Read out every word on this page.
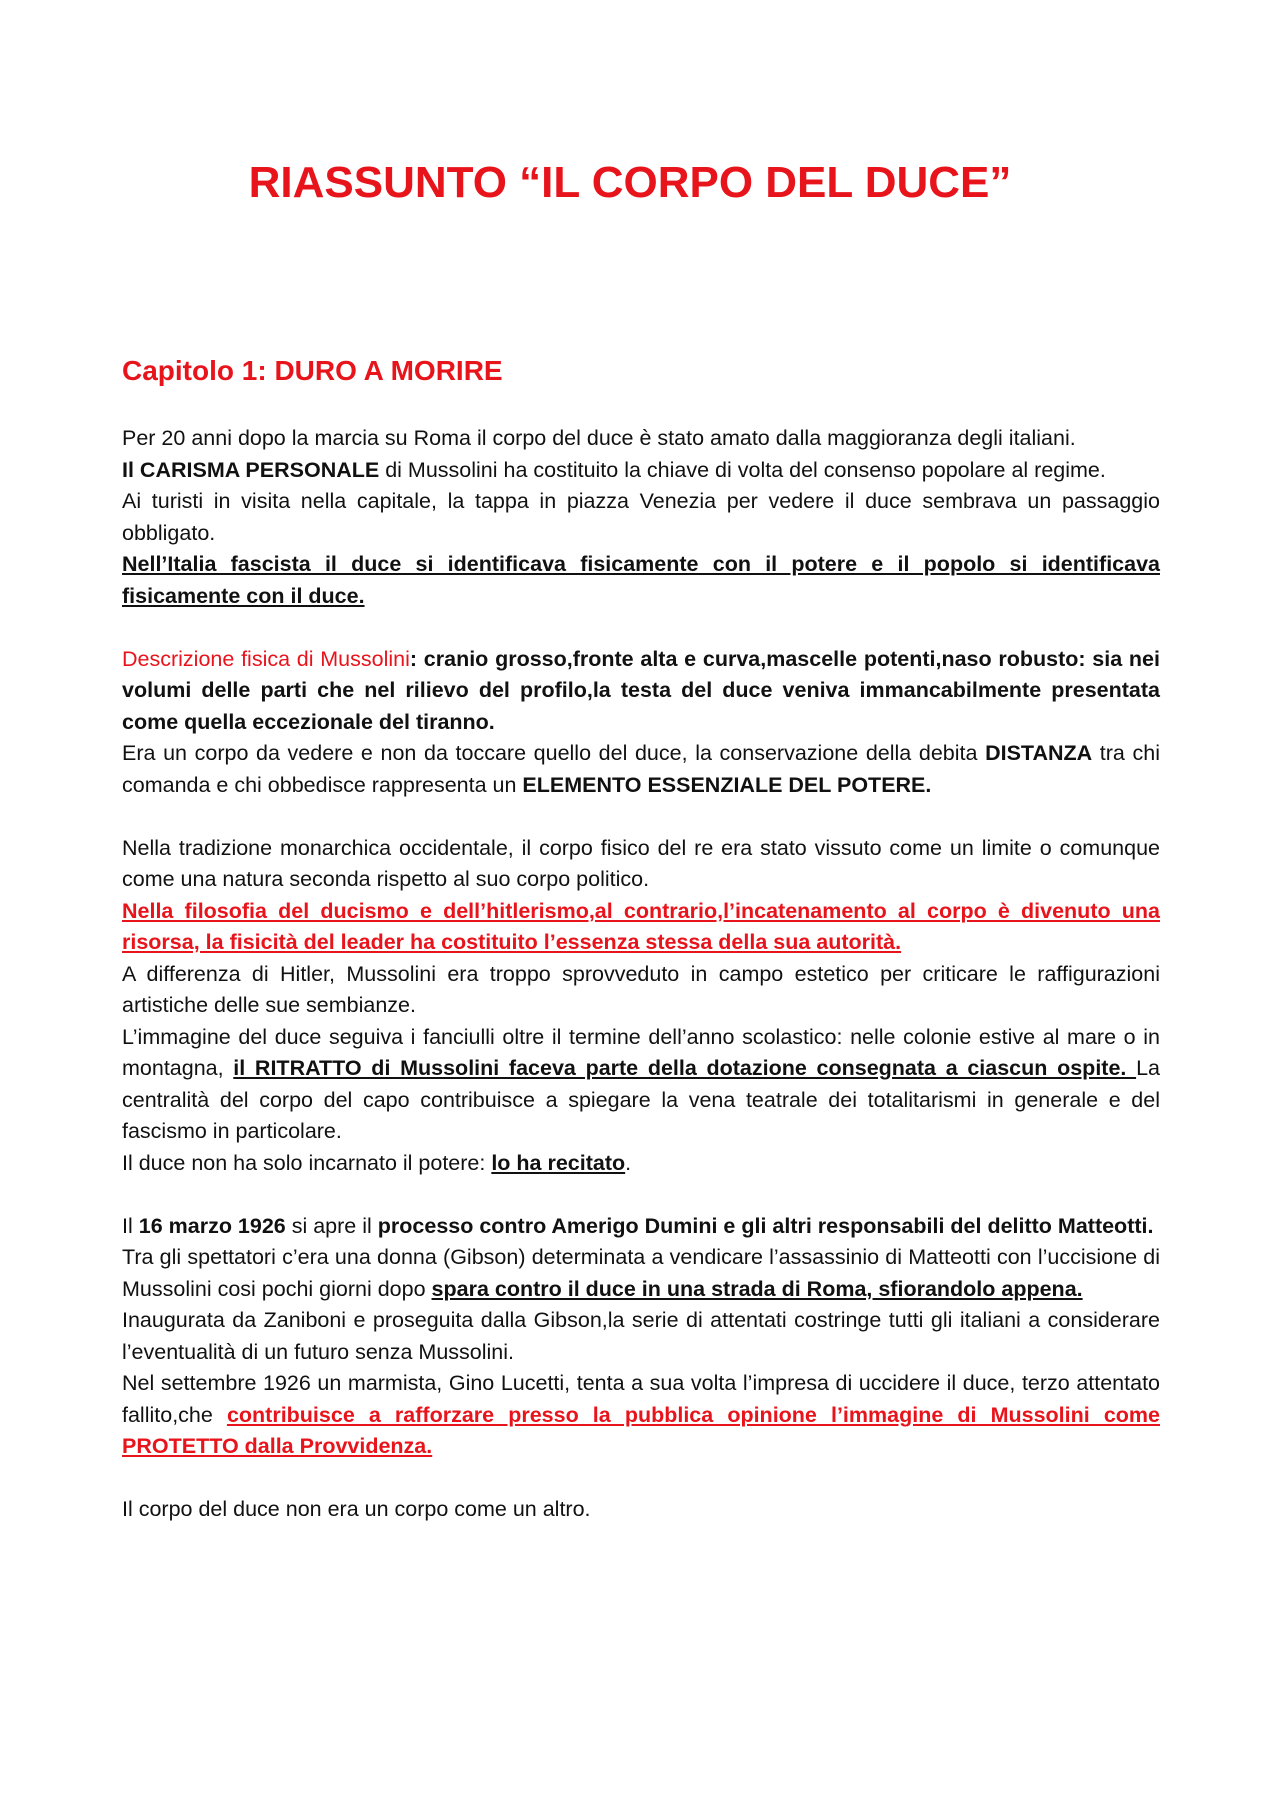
RIASSUNTO “IL CORPO DEL DUCE”
Capitolo 1: DURO A MORIRE

Per 20 anni dopo la marcia su Roma il corpo del duce è stato amato dalla maggioranza degli italiani.

Il CARISMA PERSONALE di Mussolini ha costituito la chiave di volta del consenso popolare al regime.

Ai turisti in visita nella capitale, la tappa in piazza Venezia per vedere il duce sembrava un passaggio obbligato.

Nell’Italia fascista il duce si identificava fisicamente con il potere e il popolo si identificava fisicamente con il duce.

Descrizione fisica di Mussolini: cranio grosso,fronte alta e curva,mascelle potenti,naso robusto: sia nei volumi delle parti che nel rilievo del profilo,la testa del duce veniva immancabilmente presentata come quella eccezionale del tiranno.

Era un corpo da vedere e non da toccare quello del duce, la conservazione della debita DISTANZA tra chi comanda e chi obbedisce rappresenta un ELEMENTO ESSENZIALE DEL POTERE.

Nella tradizione monarchica occidentale, il corpo fisico del re era stato vissuto come un limite o comunque come una natura seconda rispetto al suo corpo politico.

Nella filosofia del ducismo e dell’hitlerismo,al contrario,l’incatenamento al corpo è divenuto una risorsa, la fisicità del leader ha costituito l’essenza stessa della sua autorità.

A differenza di Hitler, Mussolini era troppo sprovveduto in campo estetico per criticare le raffigurazioni artistiche delle sue sembianze.

L’immagine del duce seguiva i fanciulli oltre il termine dell’anno scolastico: nelle colonie estive al mare o in montagna, il RITRATTO di Mussolini faceva parte della dotazione consegnata a ciascun ospite. La centralità del corpo del capo contribuisce a spiegare la vena teatrale dei totalitarismi in generale e del fascismo in particolare.

Il duce non ha solo incarnato il potere: lo ha recitato.

Il 16 marzo 1926 si apre il processo contro Amerigo Dumini e gli altri responsabili del delitto Matteotti.

Tra gli spettatori c’era una donna (Gibson) determinata a vendicare l’assassinio di Matteotti con l’uccisione di Mussolini cosi pochi giorni dopo spara contro il duce in una strada di Roma, sfiorandolo appena.

Inaugurata da Zaniboni e proseguita dalla Gibson,la serie di attentati costringe tutti gli italiani a considerare l’eventualità di un futuro senza Mussolini.

Nel settembre 1926 un marmista, Gino Lucetti, tenta a sua volta l’impresa di uccidere il duce, terzo attentato fallito,che contribuisce a rafforzare presso la pubblica opinione l’immagine di Mussolini come PROTETTO dalla Provvidenza.

Il corpo del duce non era un corpo come un altro.
